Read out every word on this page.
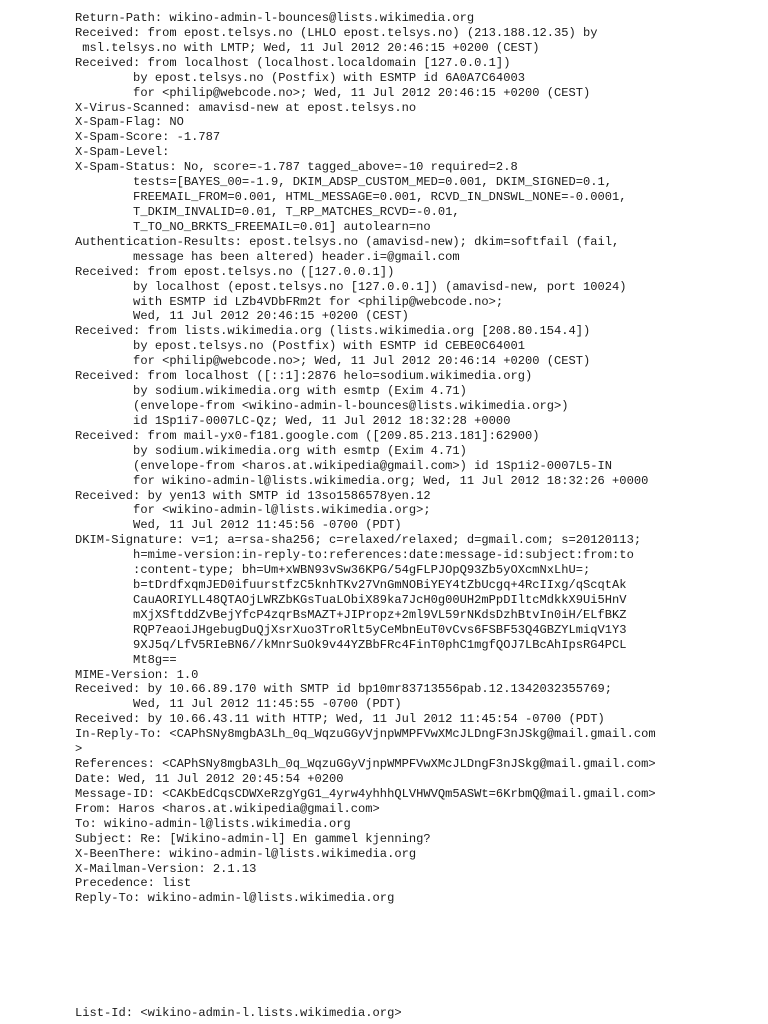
Return-Path: wikino-admin-l-bounces@lists.wikimedia.org
Received: from epost.telsys.no (LHLO epost.telsys.no) (213.188.12.35) by
msl.telsys.no with LMTP; Wed, 11 Jul 2012 20:46:15 +0200 (CEST)
Received: from localhost (localhost.localdomain [127.0.0.1])
by epost.telsys.no (Postfix) with ESMTP id 6A0A7C64003
for <philip@webcode.no>; Wed, 11 Jul 2012 20:46:15 +0200 (CEST)
X-Virus-Scanned: amavisd-new at epost.telsys.no
X-Spam-Flag: NO
X-Spam-Score: -1.787
X-Spam-Level:
X-Spam-Status: No, score=-1.787 tagged_above=-10 required=2.8
tests=[BAYES_00=-1.9, DKIM_ADSP_CUSTOM_MED=0.001, DKIM_SIGNED=0.1,
FREEMAIL_FROM=0.001, HTML_MESSAGE=0.001, RCVD_IN_DNSWL_NONE=-0.0001,
T_DKIM_INVALID=0.01, T_RP_MATCHES_RCVD=-0.01,
T_TO_NO_BRKTS_FREEMAIL=0.01] autolearn=no
Authentication-Results: epost.telsys.no (amavisd-new); dkim=softfail (fail,
message has been altered) header.i=@gmail.com
Received: from epost.telsys.no ([127.0.0.1])
by localhost (epost.telsys.no [127.0.0.1]) (amavisd-new, port 10024)
with ESMTP id LZb4VDbFRm2t for <philip@webcode.no>;
Wed, 11 Jul 2012 20:46:15 +0200 (CEST)
Received: from lists.wikimedia.org (lists.wikimedia.org [208.80.154.4])
by epost.telsys.no (Postfix) with ESMTP id CEBE0C64001
for <philip@webcode.no>; Wed, 11 Jul 2012 20:46:14 +0200 (CEST)
Received: from localhost ([::1]:2876 helo=sodium.wikimedia.org)
by sodium.wikimedia.org with esmtp (Exim 4.71)
(envelope-from <wikino-admin-l-bounces@lists.wikimedia.org>)
id 1Sp1i7-0007LC-Qz; Wed, 11 Jul 2012 18:32:28 +0000
Received: from mail-yx0-f181.google.com ([209.85.213.181]:62900)
by sodium.wikimedia.org with esmtp (Exim 4.71)
(envelope-from <haros.at.wikipedia@gmail.com>) id 1Sp1i2-0007L5-IN
for wikino-admin-l@lists.wikimedia.org; Wed, 11 Jul 2012 18:32:26 +0000
Received: by yen13 with SMTP id 13so1586578yen.12
for <wikino-admin-l@lists.wikimedia.org>;
Wed, 11 Jul 2012 11:45:56 -0700 (PDT)
DKIM-Signature: v=1; a=rsa-sha256; c=relaxed/relaxed; d=gmail.com; s=20120113;
h=mime-version:in-reply-to:references:date:message-id:subject:from:to
:content-type; bh=Um+xWBN93vSw36KPG/54gFLPJOpQ93Zb5yOXcmNxLhU=;
b=tDrdfxqmJED0ifuurstfzC5knhTKv27VnGmNOBiYEY4tZbUcgq+4RcIIxg/qScqtAk
CauAORIYLL48QTAOjLWRZbKGsTuaLObiX89ka7JcH0g00UH2mPpDIltcMdkkX9Ui5HnV
mXjXSftddZvBejYfcP4zqrBsMAZT+JIPropz+2ml9VL59rNKdsDzhBtvIn0iH/ELfBKZ
RQP7eaoiJHgebugDuQjXsrXuo3TroRlt5yCeMbnEuT0vCvs6FSBF53Q4GBZYLmiqV1Y3
9XJ5q/LfV5RIeBN6//kMnrSuOk9v44YZBbFRc4FinT0phC1mgfQOJ7LBcAhIpsRG4PCL
Mt8g==
MIME-Version: 1.0
Received: by 10.66.89.170 with SMTP id bp10mr83713556pab.12.1342032355769;
Wed, 11 Jul 2012 11:45:55 -0700 (PDT)
Received: by 10.66.43.11 with HTTP; Wed, 11 Jul 2012 11:45:54 -0700 (PDT)
In-Reply-To: <CAPhSNy8mgbA3Lh_0q_WqzuGGyVjnpWMPFVwXMcJLDngF3nJSkg@mail.gmail.com
>
References: <CAPhSNy8mgbA3Lh_0q_WqzuGGyVjnpWMPFVwXMcJLDngF3nJSkg@mail.gmail.com>
Date: Wed, 11 Jul 2012 20:45:54 +0200
Message-ID: <CAKbEdCqsCDWXeRzgYgG1_4yrw4yhhhQLVHWVQm5ASWt=6KrbmQ@mail.gmail.com>
From: Haros <haros.at.wikipedia@gmail.com>
To: wikino-admin-l@lists.wikimedia.org
Subject: Re: [Wikino-admin-l] En gammel kjenning?
X-BeenThere: wikino-admin-l@lists.wikimedia.org
X-Mailman-Version: 2.1.13
Precedence: list
Reply-To: wikino-admin-l@lists.wikimedia.org
List-Id: <wikino-admin-l.lists.wikimedia.org>
